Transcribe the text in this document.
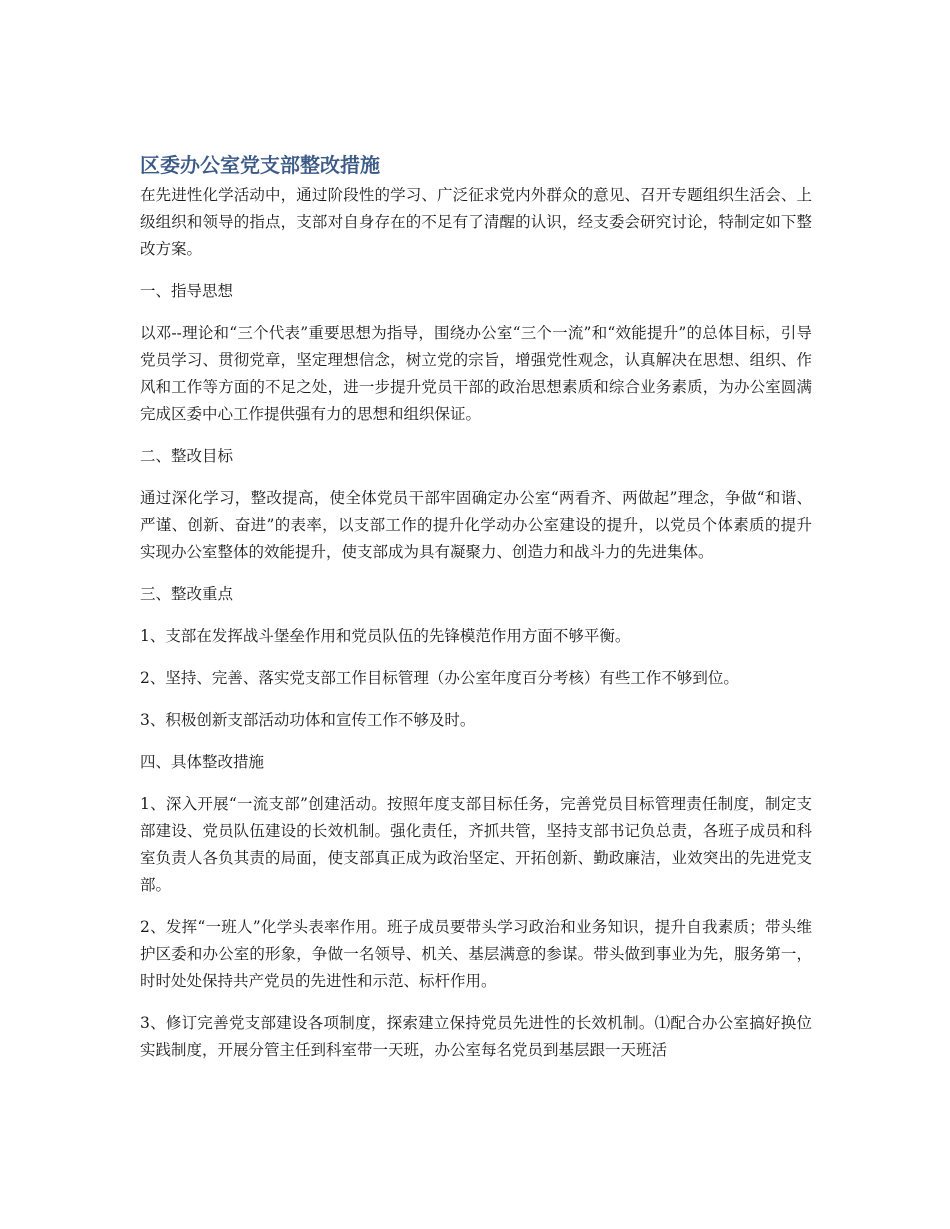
区委办公室党支部整改措施

在先进性化学活动中，通过阶段性的学习、广泛征求党内外群众的意见、召开专题组织生活会、上级组织和领导的指点，支部对自身存在的不足有了清醒的认识，经支委会研究讨论，特制定如下整改方案。

一、指导思想

以邓--理论和“三个代表”重要思想为指导，围绕办公室“三个一流”和“效能提升”的总体目标，引导党员学习、贯彻党章，坚定理想信念，树立党的宗旨，增强党性观念，认真解决在思想、组织、作风和工作等方面的不足之处，进一步提升党员干部的政治思想素质和综合业务素质，为办公室圆满完成区委中心工作提供强有力的思想和组织保证。

二、整改目标

通过深化学习，整改提高，使全体党员干部牢固确定办公室“两看齐、两做起”理念，争做“和谐、严谨、创新、奋进”的表率，以支部工作的提升化学动办公室建设的提升，以党员个体素质的提升实现办公室整体的效能提升，使支部成为具有凝聚力、创造力和战斗力的先进集体。

三、整改重点

1、支部在发挥战斗堡垒作用和党员队伍的先锋模范作用方面不够平衡。

2、坚持、完善、落实党支部工作目标管理（办公室年度百分考核）有些工作不够到位。

3、积极创新支部活动功体和宣传工作不够及时。

四、具体整改措施

1、深入开展“一流支部”创建活动。按照年度支部目标任务，完善党员目标管理责任制度，制定支部建设、党员队伍建设的长效机制。强化责任，齐抓共管，坚持支部书记负总责，各班子成员和科室负责人各负其责的局面，使支部真正成为政治坚定、开拓创新、勤政廉洁，业效突出的先进党支部。

2、发挥“一班人”化学头表率作用。班子成员要带头学习政治和业务知识，提升自我素质；带头维护区委和办公室的形象，争做一名领导、机关、基层满意的参谋。带头做到事业为先，服务第一，时时处处保持共产党员的先进性和示范、标杆作用。

3、修订完善党支部建设各项制度，探索建立保持党员先进性的长效机制。⑴配合办公室搞好换位实践制度，开展分管主任到科室带一天班，办公室每名党员到基层跟一天班活
